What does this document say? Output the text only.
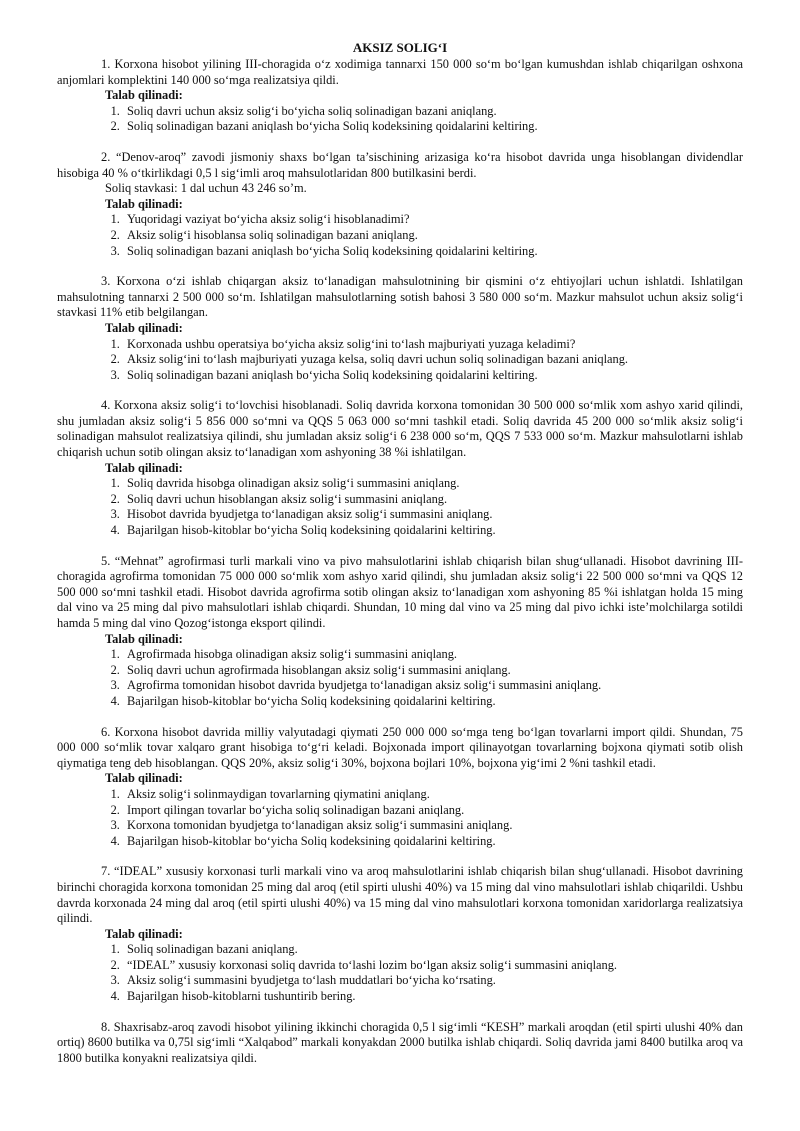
AKSIZ SOLIG‘I

1. Korxona hisobot yilining III-choragida o‘z xodimiga tannarxi 150 000 so‘m bo‘lgan kumushdan ishlab chiqarilgan oshxona anjomlari komplektini 140 000 so‘mga realizatsiya qildi.

Talab qilinadi:

1. Soliq davri uchun aksiz solig‘i bo‘yicha soliq solinadigan bazani aniqlang.
2. Soliq solinadigan bazani aniqlash bo‘yicha Soliq kodeksining qoidalarini keltiring.

2. “Denov-aroq” zavodi jismoniy shaxs bo‘lgan ta’sischining arizasiga ko‘ra hisobot davrida unga hisoblangan dividendlar hisobiga 40 % o‘tkirlikdagi 0,5 l sig‘imli aroq mahsulotlaridan 800 butilkasini berdi.

Soliq stavkasi: 1 dal uchun 43 246 so’m.

Talab qilinadi:

1. Yuqoridagi vaziyat bo‘yicha aksiz solig‘i hisoblanadimi?
2. Aksiz solig‘i hisoblansa soliq solinadigan bazani aniqlang.
3. Soliq solinadigan bazani aniqlash bo‘yicha Soliq kodeksining qoidalarini keltiring.

3. Korxona o‘zi ishlab chiqargan aksiz to‘lanadigan mahsulotnining bir qismini o‘z ehtiyojlari uchun ishlatdi. Ishlatilgan mahsulotning tannarxi 2 500 000 so‘m. Ishlatilgan mahsulotlarning sotish bahosi 3 580 000 so‘m. Mazkur mahsulot uchun aksiz solig‘i stavkasi 11% etib belgilangan.

Talab qilinadi:

1. Korxonada ushbu operatsiya bo‘yicha aksiz solig‘ini to‘lash majburiyati yuzaga keladimi?
2. Aksiz solig‘ini to‘lash majburiyati yuzaga kelsa, soliq davri uchun soliq solinadigan bazani aniqlang.
3. Soliq solinadigan bazani aniqlash bo‘yicha Soliq kodeksining qoidalarini keltiring.

4. Korxona aksiz solig‘i to‘lovchisi hisoblanadi. Soliq davrida korxona tomonidan 30 500 000 so‘mlik xom ashyo xarid qilindi, shu jumladan aksiz solig‘i 5 856 000 so‘mni va QQS 5 063 000 so‘mni tashkil etadi. Soliq davrida 45 200 000 so‘mlik aksiz solig‘i solinadigan mahsulot realizatsiya qilindi, shu jumladan aksiz solig‘i 6 238 000 so‘m, QQS 7 533 000 so‘m. Mazkur mahsulotlarni ishlab chiqarish uchun sotib olingan aksiz to‘lanadigan xom ashyoning 38 %i ishlatilgan.

Talab qilinadi:

1. Soliq davrida hisobga olinadigan aksiz solig‘i summasini aniqlang.
2. Soliq davri uchun hisoblangan aksiz solig‘i summasini aniqlang.
3. Hisobot davrida byudjetga to‘lanadigan aksiz solig‘i summasini aniqlang.
4. Bajarilgan hisob-kitoblar bo‘yicha Soliq kodeksining qoidalarini keltiring.

5. “Mehnat” agrofirmasi turli markali vino va pivo mahsulotlarini ishlab chiqarish bilan shug‘ullanadi. Hisobot davrining III-choragida agrofirma tomonidan 75 000 000 so‘mlik xom ashyo xarid qilindi, shu jumladan aksiz solig‘i 22 500 000 so‘mni va QQS 12 500 000 so‘mni tashkil etadi. Hisobot davrida agrofirma sotib olingan aksiz to‘lanadigan xom ashyoning 85 %i ishlatgan holda 15 ming dal vino va 25 ming dal pivo mahsulotlari ishlab chiqardi. Shundan, 10 ming dal vino va 25 ming dal pivo ichki iste’molchilarga sotildi hamda 5 ming dal vino Qozog‘istonga eksport qilindi.

Talab qilinadi:

1. Agrofirmada hisobga olinadigan aksiz solig‘i summasini aniqlang.
2. Soliq davri uchun agrofirmada hisoblangan aksiz solig‘i summasini aniqlang.
3. Agrofirma tomonidan hisobot davrida byudjetga to‘lanadigan aksiz solig‘i summasini aniqlang.
4. Bajarilgan hisob-kitoblar bo‘yicha Soliq kodeksining qoidalarini keltiring.

6. Korxona hisobot davrida milliy valyutadagi qiymati 250 000 000 so‘mga teng bo‘lgan tovarlarni import qildi. Shundan, 75 000 000 so‘mlik tovar xalqaro grant hisobiga to‘g‘ri keladi. Bojxonada import qilinayotgan tovarlarning bojxona qiymati sotib olish qiymatiga teng deb hisoblangan. QQS 20%, aksiz solig‘i 30%, bojxona bojlari 10%, bojxona yig‘imi 2 %ni tashkil etadi.

Talab qilinadi:

1. Aksiz solig‘i solinmaydigan tovarlarning qiymatini aniqlang.
2. Import qilingan tovarlar bo‘yicha soliq solinadigan bazani aniqlang.
3. Korxona tomonidan byudjetga to‘lanadigan aksiz solig‘i summasini aniqlang.
4. Bajarilgan hisob-kitoblar bo‘yicha Soliq kodeksining qoidalarini keltiring.

7. “IDEAL” xususiy korxonasi turli markali vino va aroq mahsulotlarini ishlab chiqarish bilan shug‘ullanadi. Hisobot davrining birinchi choragida korxona tomonidan 25 ming dal aroq (etil spirti ulushi 40%) va 15 ming dal vino mahsulotlari ishlab chiqarildi. Ushbu davrda korxonada 24 ming dal aroq (etil spirti ulushi 40%) va 15 ming dal vino mahsulotlari korxona tomonidan xaridorlarga realizatsiya qilindi.

Talab qilinadi:

1. Soliq solinadigan bazani aniqlang.
2. “IDEAL” xususiy korxonasi soliq davrida to‘lashi lozim bo‘lgan aksiz solig‘i summasini aniqlang.
3. Aksiz solig‘i summasini byudjetga to‘lash muddatlari bo‘yicha ko‘rsating.
4. Bajarilgan hisob-kitoblarni tushuntirib bering.

8. Shaxrisabz-aroq zavodi hisobot yilining ikkinchi choragida 0,5 l sig‘imli “KESH” markali aroqdan (etil spirti ulushi 40% dan ortiq) 8600 butilka va 0,75l sig‘imli “Xalqabod” markali konyakdan 2000 butilka ishlab chiqardi. Soliq davrida jami 8400 butilka aroq va 1800 butilka konyakni realizatsiya qildi.
